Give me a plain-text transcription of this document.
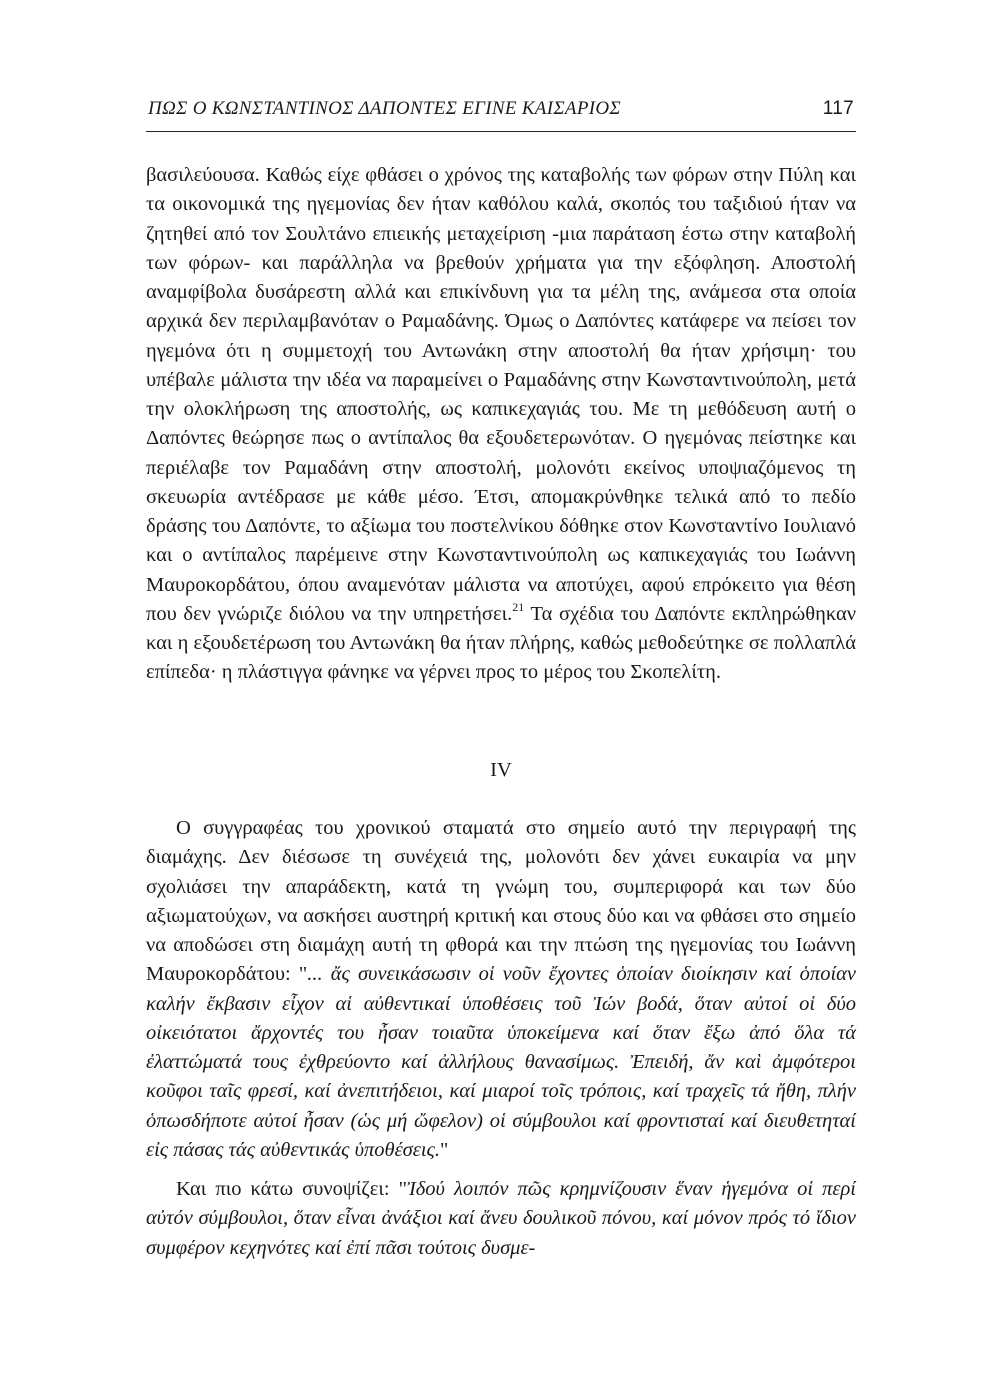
ΠΩΣ Ο ΚΩΝΣΤΑΝΤΙΝΟΣ ΔΑΠΟΝΤΕΣ ΕΓΙΝΕ ΚΑΙΣΑΡΙΟΣ	117

βασιλεύουσα. Καθώς είχε φθάσει ο χρόνος της καταβολής των φόρων στην Πύλη και τα οικονομικά της ηγεμονίας δεν ήταν καθόλου καλά, σκοπός του ταξιδιού ήταν να ζητηθεί από τον Σουλτάνο επιεικής μεταχείριση -μια παράταση έστω στην καταβολή των φόρων- και παράλληλα να βρεθούν χρήματα για την εξόφληση. Αποστολή αναμφίβολα δυσάρεστη αλλά και επικίνδυνη για τα μέλη της, ανάμεσα στα οποία αρχικά δεν περιλαμβανόταν ο Ραμαδάνης. Όμως ο Δαπόντες κατάφερε να πείσει τον ηγεμόνα ότι η συμμετοχή του Αντωνάκη στην αποστολή θα ήταν χρήσιμη· του υπέβαλε μάλιστα την ιδέα να παραμείνει ο Ραμαδάνης στην Κωνσταντινούπολη, μετά την ολοκλήρωση της αποστολής, ως καπικεχαγιάς του. Με τη μεθόδευση αυτή ο Δαπόντες θεώρησε πως ο αντίπαλος θα εξουδετερωνόταν. Ο ηγεμόνας πείστηκε και περιέλαβε τον Ραμαδάνη στην αποστολή, μολονότι εκείνος υποψιαζόμενος τη σκευωρία αντέδρασε με κάθε μέσο. Έτσι, απομακρύνθηκε τελικά από το πεδίο δράσης του Δαπόντε, το αξίωμα του ποστελνίκου δόθηκε στον Κωνσταντίνο Ιουλιανό και ο αντίπαλος παρέμεινε στην Κωνσταντινούπολη ως καπικεχαγιάς του Ιωάννη Μαυροκορδάτου, όπου αναμενόταν μάλιστα να αποτύχει, αφού επρόκειτο για θέση που δεν γνώριζε διόλου να την υπηρετήσει.$^{21}$ Τα σχέδια του Δαπόντε εκπληρώθηκαν και η εξουδετέρωση του Αντωνάκη θα ήταν πλήρης, καθώς μεθοδεύτηκε σε πολλαπλά επίπεδα· η πλάστιγγα φάνηκε να γέρνει προς το μέρος του Σκοπελίτη.

IV

Ο συγγραφέας του χρονικού σταματά στο σημείο αυτό την περιγραφή της διαμάχης. Δεν διέσωσε τη συνέχειά της, μολονότι δεν χάνει ευκαιρία να μην σχολιάσει την απαράδεκτη, κατά τη γνώμη του, συμπεριφορά και των δύο αξιωματούχων, να ασκήσει αυστηρή κριτική και στους δύο και να φθάσει στο σημείο να αποδώσει στη διαμάχη αυτή τη φθορά και την πτώση της ηγεμονίας του Ιωάννη Μαυροκορδάτου: "... ἄς συνεικάσωσιν οἱ νοῦν ἔχοντες ὁποίαν διοίκησιν καί ὁποίαν καλήν ἔκβασιν εἶχον αἱ αὐθεντικαί ὑποθέσεις τοῦ Ἰών βοδά, ὅταν αὐτοί οἱ δύο οἰκειότατοι ἄρχοντές του ἦσαν τοιαῦτα ὑποκείμενα καί ὅταν ἔξω ἀπό ὅλα τά ἐλαττώματά τους ἐχθρεύοντο καί ἀλλήλους θανασίμως. Ἐπειδή, ἄν καὶ ἀμφότεροι κοῦφοι ταῖς φρεσί, καί ἀνεπιτήδειοι, καί μιαροί τοῖς τρόποις, καί τραχεῖς τά ἤθη, πλήν ὁπωσδήποτε αὐτοί ἦσαν (ὡς μή ὤφελον) οἱ σύμβουλοι καί φροντισταί καί διευθετηταί εἰς πάσας τάς αὐθεντικάς ὑποθέσεις."

Και πιο κάτω συνοψίζει: "Ἰδού λοιπόν πῶς κρημνίζουσιν ἕναν ἡγεμόνα οἱ περί αὐτόν σύμβουλοι, ὅταν εἶναι ἀνάξιοι καί ἄνευ δουλικοῦ πόνου, καί μόνον πρός τό ἴδιον συμφέρον κεχηνότες καί ἐπί πᾶσι τούτοις δυσμε-
